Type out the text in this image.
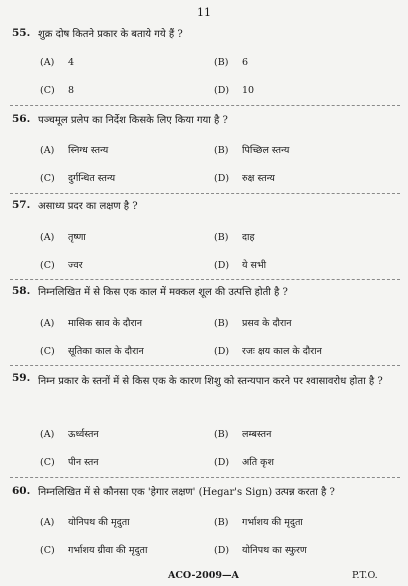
11
55. शुक्र दोष कितने प्रकार के बताये गये हैं ?
(A) 4	(B) 6
(C) 8	(D) 10
56. पञ्चमूल प्रलेप का निर्देश किसके लिए किया गया है ?
(A) स्निग्ध स्तन्य	(B) पिच्छिल स्तन्य
(C) दुर्गन्धित स्तन्य	(D) रुक्ष स्तन्य
57. असाध्य प्रदर का लक्षण है ?
(A) तृष्णा	(B) दाह
(C) ज्वर	(D) ये सभी
58. निम्नलिखित में से किस एक काल में मक्कल शूल की उत्पत्ति होती है ?
(A) मासिक स्राव के दौरान	(B) प्रसव के दौरान
(C) सूतिका काल के दौरान	(D) रजः क्षय काल के दौरान
59. निम्न प्रकार के स्तनों में से किस एक के कारण शिशु को स्तन्यपान करने पर श्वासावरोध होता है ?
(A) ऊर्ध्वस्तन	(B) लम्बस्तन
(C) पीन स्तन	(D) अति कृश
60. निम्नलिखित में से कौनसा एक 'हेगार लक्षण' (Hegar's Sign) उत्पन्न करता है ?
(A) योनिपथ की मृदुता	(B) गर्भाशय की मृदुता
(C) गर्भाशय ग्रीवा की मृदुता	(D) योनिपथ का स्फुरण
ACO-2009—A	P.T.O.
